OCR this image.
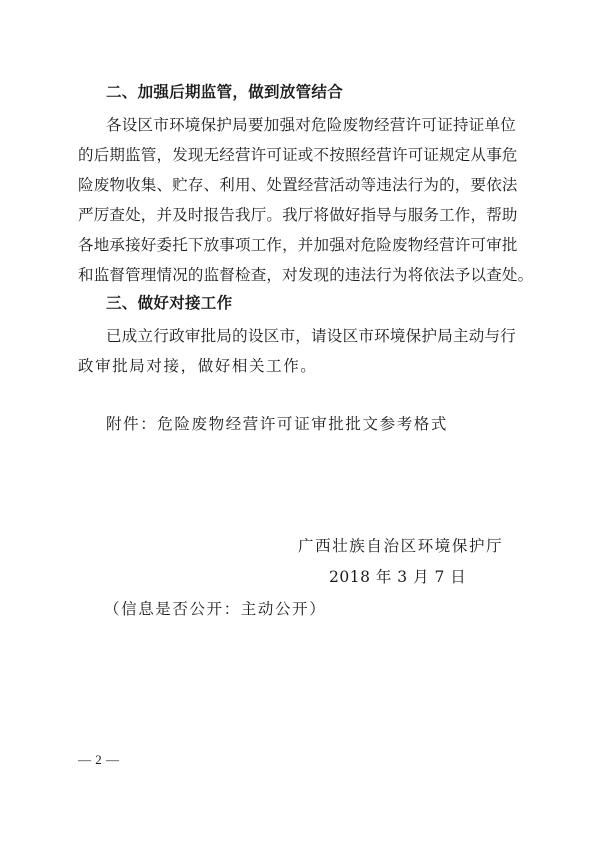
二、加强后期监管，做到放管结合
各设区市环境保护局要加强对危险废物经营许可证持证单位
的后期监管，发现无经营许可证或不按照经营许可证规定从事危
险废物收集、贮存、利用、处置经营活动等违法行为的，要依法
严厉查处，并及时报告我厅。我厅将做好指导与服务工作，帮助
各地承接好委托下放事项工作，并加强对危险废物经营许可审批
和监督管理情况的监督检查，对发现的违法行为将依法予以查处。
三、做好对接工作
已成立行政审批局的设区市，请设区市环境保护局主动与行
政审批局对接，做好相关工作。
附件：危险废物经营许可证审批批文参考格式
广西壮族自治区环境保护厅
2018 年 3 月 7 日
（信息是否公开：主动公开）
— 2 —
